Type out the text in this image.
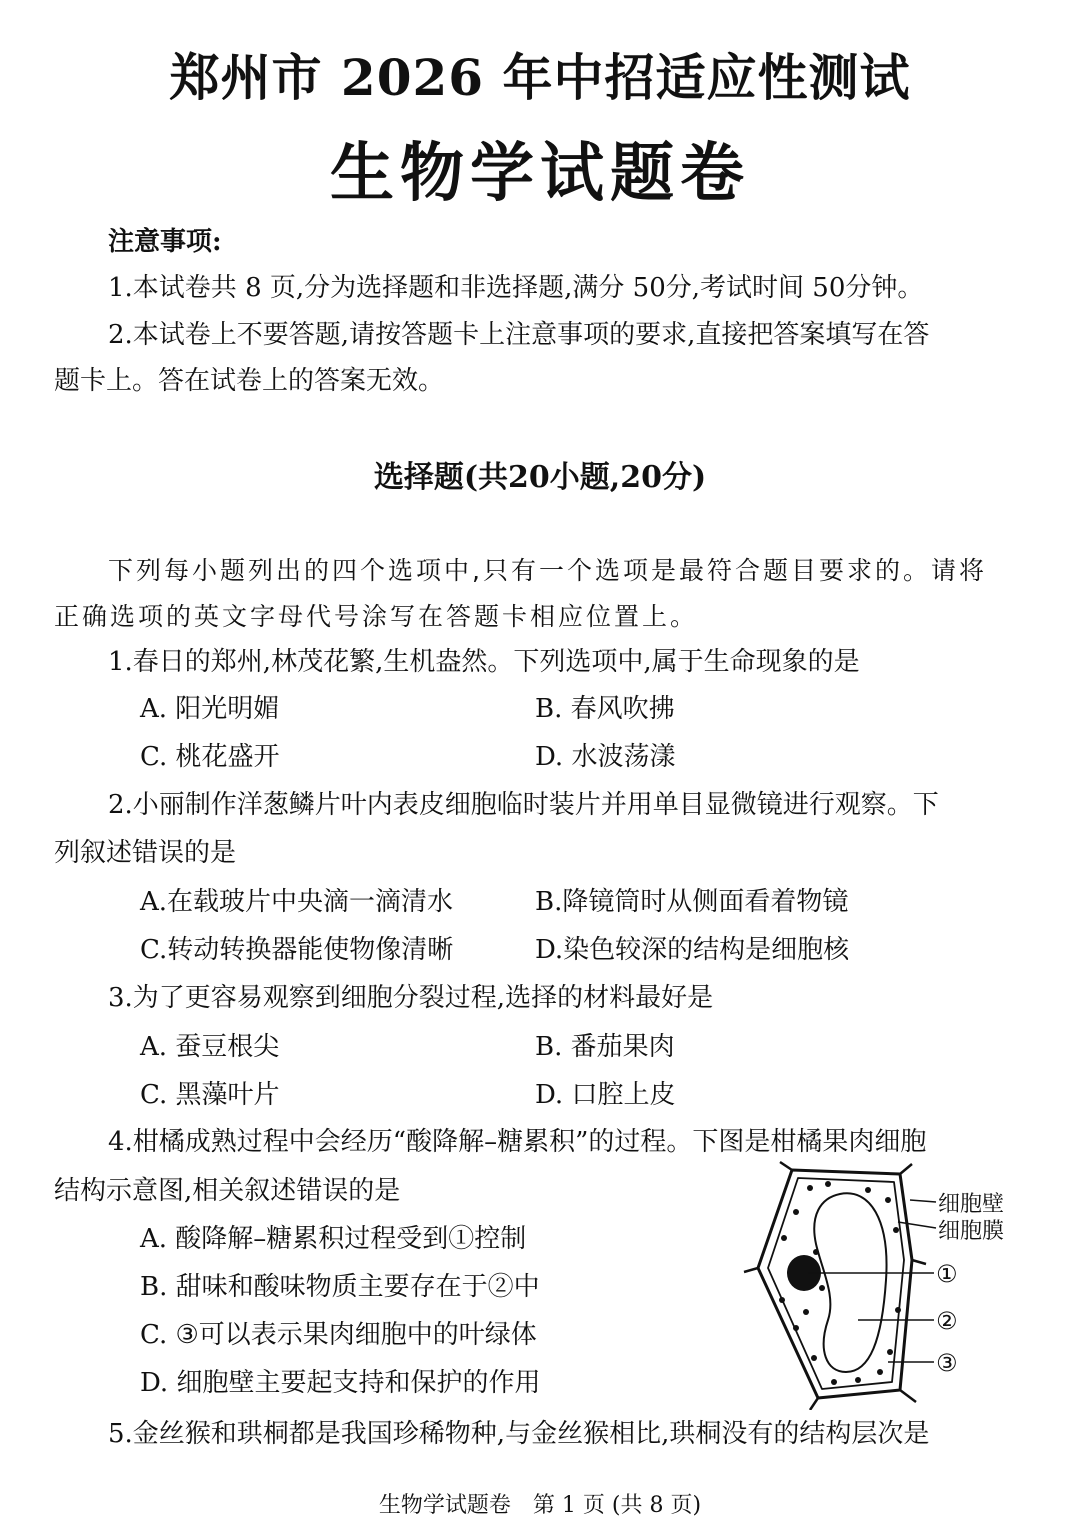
郑州市 2026 年中招适应性测试
生物学试题卷
注意事项:
1.本试卷共 8 页,分为选择题和非选择题,满分 50分,考试时间 50分钟。
2.本试卷上不要答题,请按答题卡上注意事项的要求,直接把答案填写在答
题卡上。答在试卷上的答案无效。
选择题(共20小题,20分)
下列每小题列出的四个选项中,只有一个选项是最符合题目要求的。请将
正确选项的英文字母代号涂写在答题卡相应位置上。
1.春日的郑州,林茂花繁,生机盎然。下列选项中,属于生命现象的是
A. 阳光明媚	B. 春风吹拂
C. 桃花盛开	D. 水波荡漾
2.小丽制作洋葱鳞片叶内表皮细胞临时装片并用单目显微镜进行观察。下
列叙述错误的是
A.在载玻片中央滴一滴清水	B.降镜筒时从侧面看着物镜
C.转动转换器能使物像清晰	D.染色较深的结构是细胞核
3.为了更容易观察到细胞分裂过程,选择的材料最好是
A. 蚕豆根尖	B. 番茄果肉
C. 黑藻叶片	D. 口腔上皮
4.柑橘成熟过程中会经历“酸降解–糖累积”的过程。下图是柑橘果肉细胞
结构示意图,相关叙述错误的是
A. 酸降解–糖累积过程受到①控制
B. 甜味和酸味物质主要存在于②中
C. ③可以表示果肉细胞中的叶绿体
D. 细胞壁主要起支持和保护的作用
细胞壁
细胞膜
①
②
③
5.金丝猴和珙桐都是我国珍稀物种,与金丝猴相比,珙桐没有的结构层次是
生物学试题卷　第 1 页 (共 8 页)
